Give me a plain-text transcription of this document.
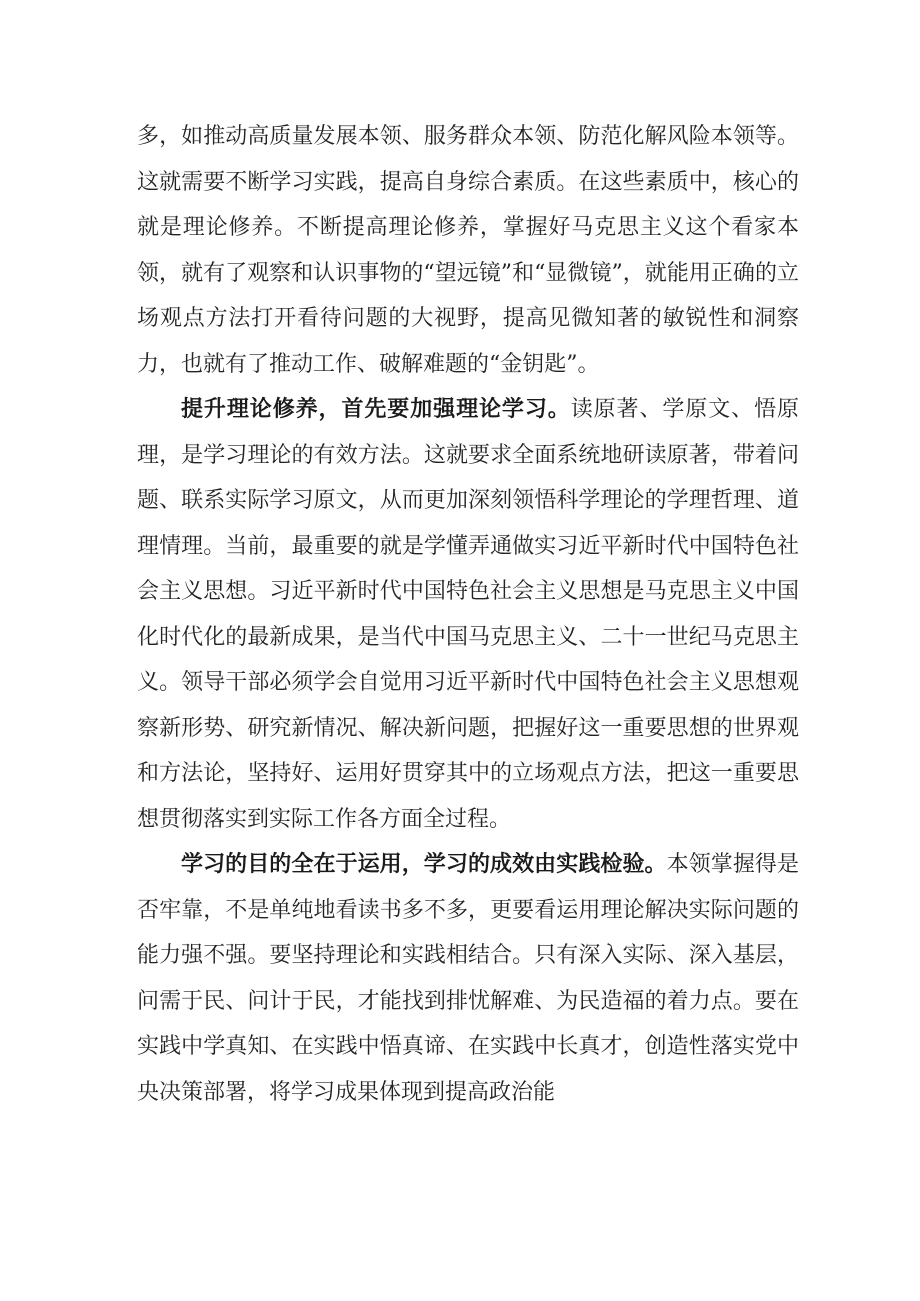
多，如推动高质量发展本领、服务群众本领、防范化解风险本领等。这就需要不断学习实践，提高自身综合素质。在这些素质中，核心的就是理论修养。不断提高理论修养，掌握好马克思主义这个看家本领，就有了观察和认识事物的“望远镜”和“显微镜”，就能用正确的立场观点方法打开看待问题的大视野，提高见微知著的敏锐性和洞察力，也就有了推动工作、破解难题的“金钥匙”。

提升理论修养，首先要加强理论学习。读原著、学原文、悟原理，是学习理论的有效方法。这就要求全面系统地研读原著，带着问题、联系实际学习原文，从而更加深刻领悟科学理论的学理哲理、道理情理。当前，最重要的就是学懂弄通做实习近平新时代中国特色社会主义思想。习近平新时代中国特色社会主义思想是马克思主义中国化时代化的最新成果，是当代中国马克思主义、二十一世纪马克思主义。领导干部必须学会自觉用习近平新时代中国特色社会主义思想观察新形势、研究新情况、解决新问题，把握好这一重要思想的世界观和方法论，坚持好、运用好贯穿其中的立场观点方法，把这一重要思想贯彻落实到实际工作各方面全过程。

学习的目的全在于运用，学习的成效由实践检验。本领掌握得是否牢靠，不是单纯地看读书多不多，更要看运用理论解决实际问题的能力强不强。要坚持理论和实践相结合。只有深入实际、深入基层，问需于民、问计于民，才能找到排忧解难、为民造福的着力点。要在实践中学真知、在实践中悟真谛、在实践中长真才，创造性落实党中央决策部署，将学习成果体现到提高政治能
